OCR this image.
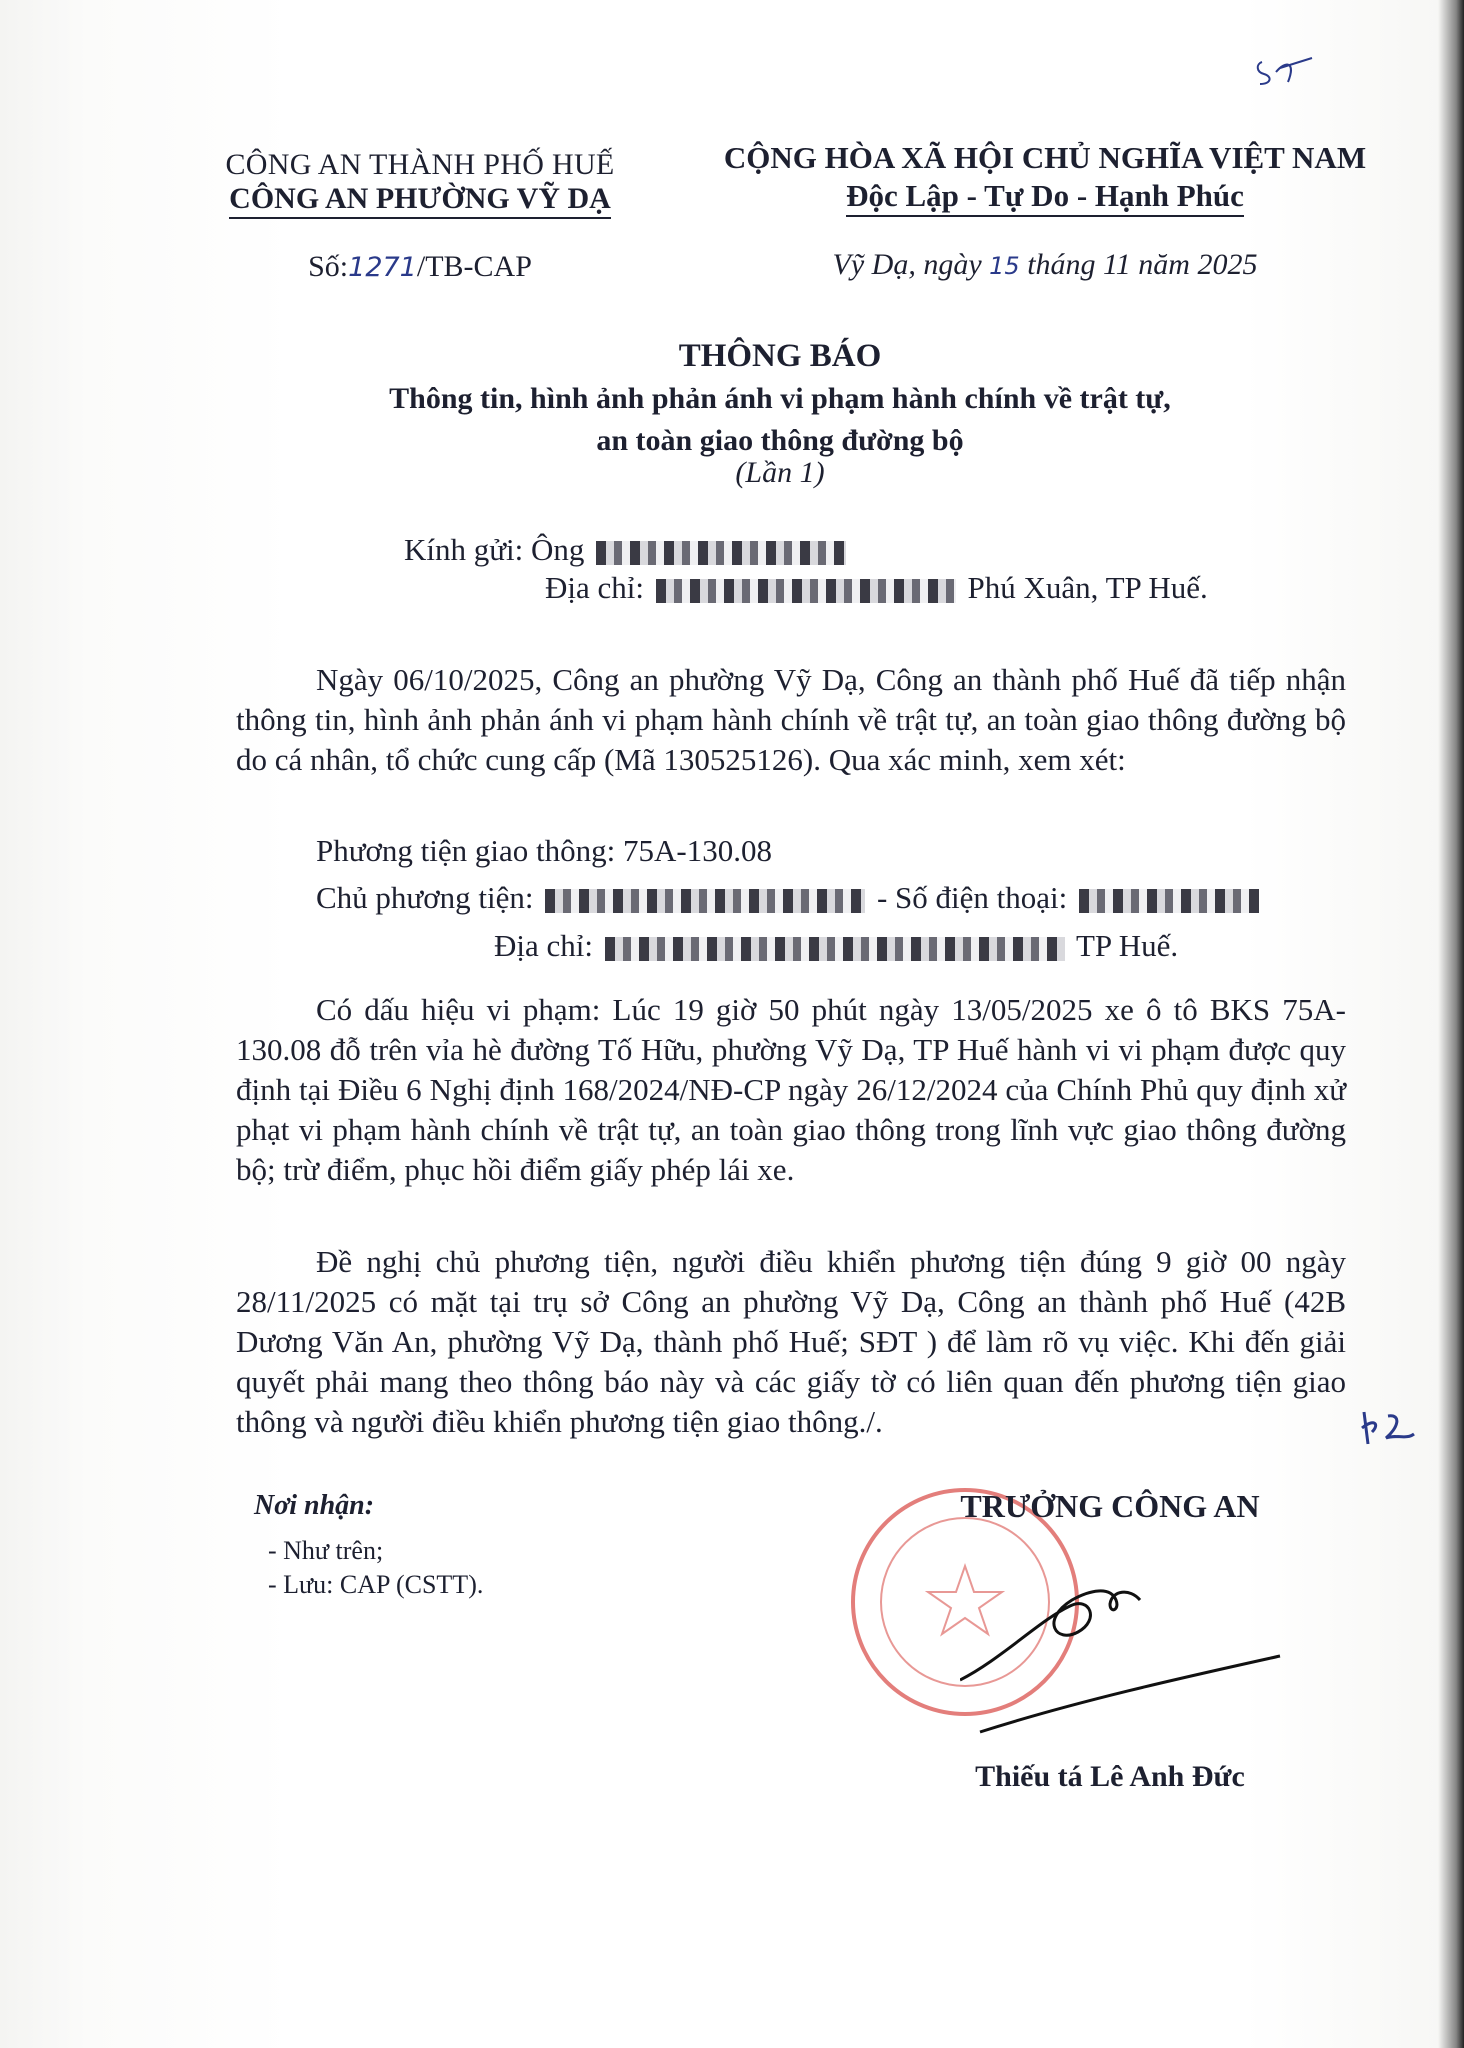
CÔNG AN THÀNH PHỐ HUẾ
CÔNG AN PHƯỜNG VỸ DẠ
CỘNG HÒA XÃ HỘI CHỦ NGHĨA VIỆT NAM
Độc Lập - Tự Do - Hạnh Phúc
Số:1271/TB-CAP	Vỹ Dạ, ngày 15 tháng 11 năm 2025
THÔNG BÁO
Thông tin, hình ảnh phản ánh vi phạm hành chính về trật tự,
an toàn giao thông đường bộ
(Lần 1)
Kính gửi: Ông
Địa chỉ:	Phú Xuân, TP Huế.
Ngày 06/10/2025, Công an phường Vỹ Dạ, Công an thành phố Huế đã tiếp nhận thông tin, hình ảnh phản ánh vi phạm hành chính về trật tự, an toàn giao thông đường bộ do cá nhân, tổ chức cung cấp (Mã 130525126). Qua xác minh, xem xét:
Phương tiện giao thông: 75A-130.08
Chủ phương tiện:	- Số điện thoại:
Địa chỉ:	TP Huế.
Có dấu hiệu vi phạm: Lúc 19 giờ 50 phút ngày 13/05/2025 xe ô tô BKS 75A-130.08 đỗ trên vỉa hè đường Tố Hữu, phường Vỹ Dạ, TP Huế hành vi vi phạm được quy định tại Điều 6 Nghị định 168/2024/NĐ-CP ngày 26/12/2024 của Chính Phủ quy định xử phạt vi phạm hành chính về trật tự, an toàn giao thông trong lĩnh vực giao thông đường bộ; trừ điểm, phục hồi điểm giấy phép lái xe.
Đề nghị chủ phương tiện, người điều khiển phương tiện đúng 9 giờ 00 ngày 28/11/2025 có mặt tại trụ sở Công an phường Vỹ Dạ, Công an thành phố Huế (42B Dương Văn An, phường Vỹ Dạ, thành phố Huế; SĐT ) để làm rõ vụ việc. Khi đến giải quyết phải mang theo thông báo này và các giấy tờ có liên quan đến phương tiện giao thông và người điều khiển phương tiện giao thông./.
Nơi nhận:
- Như trên;
- Lưu: CAP (CSTT).
TRƯỞNG CÔNG AN
Thiếu tá Lê Anh Đức
